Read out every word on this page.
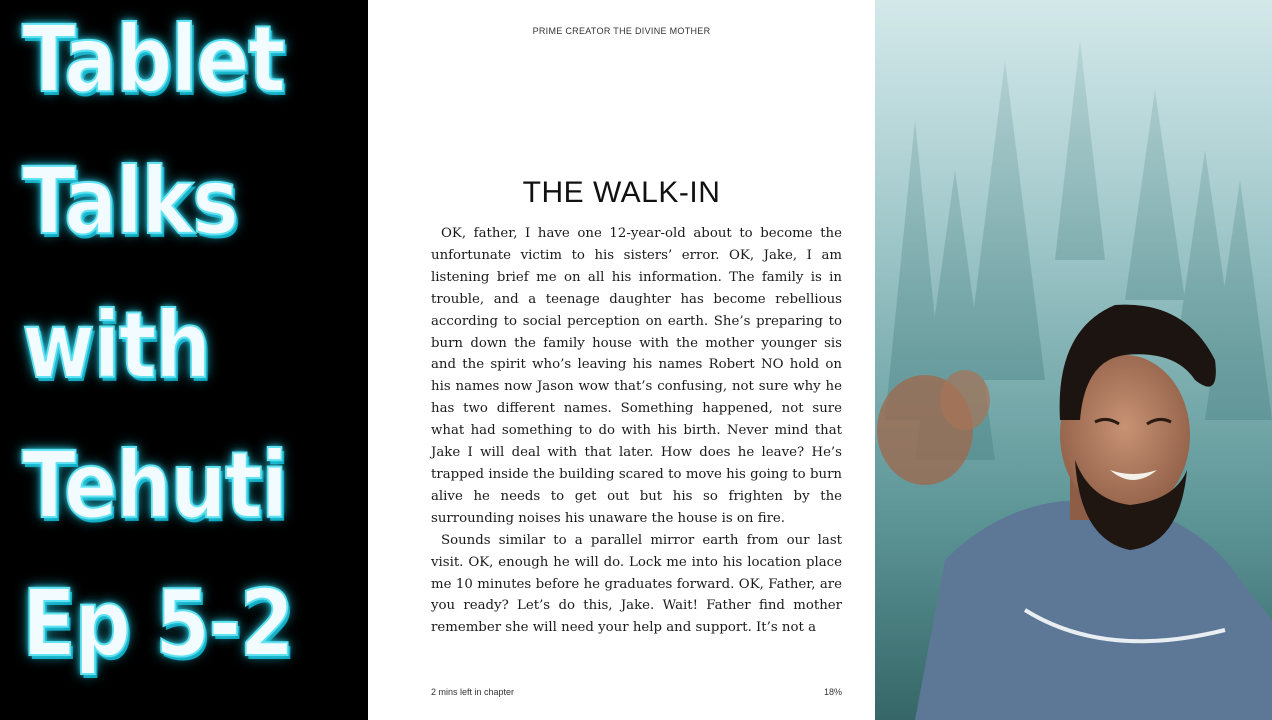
Tablet
Talks
with
Tehuti
Ep 5-2
PRIME CREATOR THE DIVINE MOTHER
THE WALK-IN

OK, father, I have one 12-year-old about to become the unfortunate victim to his sisters’ error. OK, Jake, I am listening brief me on all his information. The family is in trouble, and a teenage daughter has become rebellious according to social perception on earth. She’s preparing to burn down the family house with the mother younger sis and the spirit who’s leaving his names Robert NO hold on his names now Jason wow that’s confusing, not sure why he has two different names. Something happened, not sure what had something to do with his birth. Never mind that Jake I will deal with that later. How does he leave? He’s trapped inside the building scared to move his going to burn alive he needs to get out but his so frighten by the surrounding noises his unaware the house is on fire.

Sounds similar to a parallel mirror earth from our last visit. OK, enough he will do. Lock me into his location place me 10 minutes before he graduates forward. OK, Father, are you ready? Let’s do this, Jake. Wait! Father find mother remember she will need your help and support. It’s not a

2 mins left in chapter	18%
